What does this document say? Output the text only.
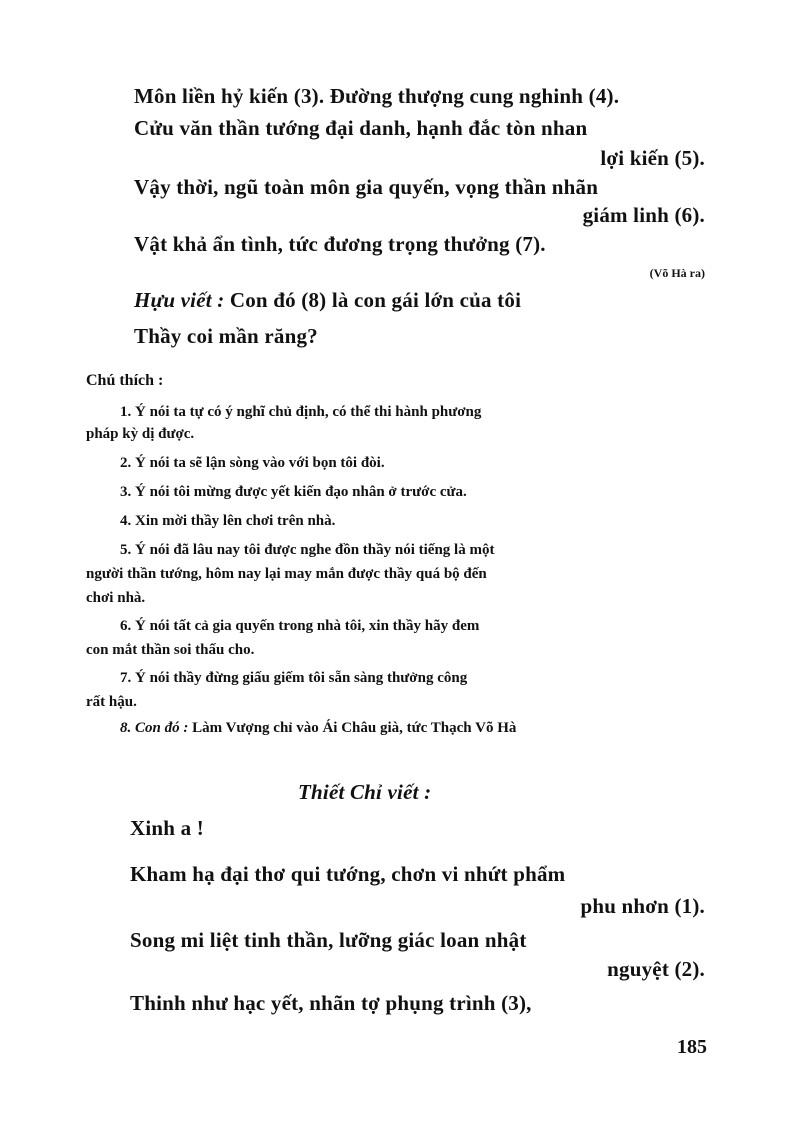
Môn liền hỷ kiến (3). Đường thượng cung nghinh (4).
Cửu văn thần tướng đại danh, hạnh đắc tòn nhan
lợi kiến (5).
Vậy thời, ngũ toàn môn gia quyến, vọng thần nhãn
giám linh (6).
Vật khả ẩn tình, tức đương trọng thưởng (7).
(Võ Hà ra)
Hựu viết : Con đó (8) là con gái lớn của tôi
Thầy coi mần răng?
Chú thích :
1. Ý nói ta tự có ý nghĩ chủ định, có thể thi hành phương
pháp kỳ dị được.
2. Ý nói ta sẽ lận sòng vào với bọn tôi đòi.
3. Ý nói tôi mừng được yết kiến đạo nhân ở trước cửa.
4. Xin mời thầy lên chơi trên nhà.
5. Ý nói đã lâu nay tôi được nghe đồn thầy nói tiếng là một
người thần tướng, hôm nay lại may mắn được thầy quá bộ đến
chơi nhà.
6. Ý nói tất cả gia quyến trong nhà tôi, xin thầy hãy đem
con mắt thần soi thấu cho.
7. Ý nói thầy đừng giấu giếm tôi sẵn sàng thưởng công
rất hậu.
8. Con đó : Làm Vượng chỉ vào Ái Châu già, tức Thạch Võ Hà
Thiết Chỉ viết :
Xinh a !
Kham hạ đại thơ qui tướng, chơn vi nhứt phẩm
phu nhơn (1).
Song mi liệt tinh thần, lưỡng giác loan nhật
nguyệt (2).
Thinh như hạc yết, nhãn tợ phụng trình (3),
185
